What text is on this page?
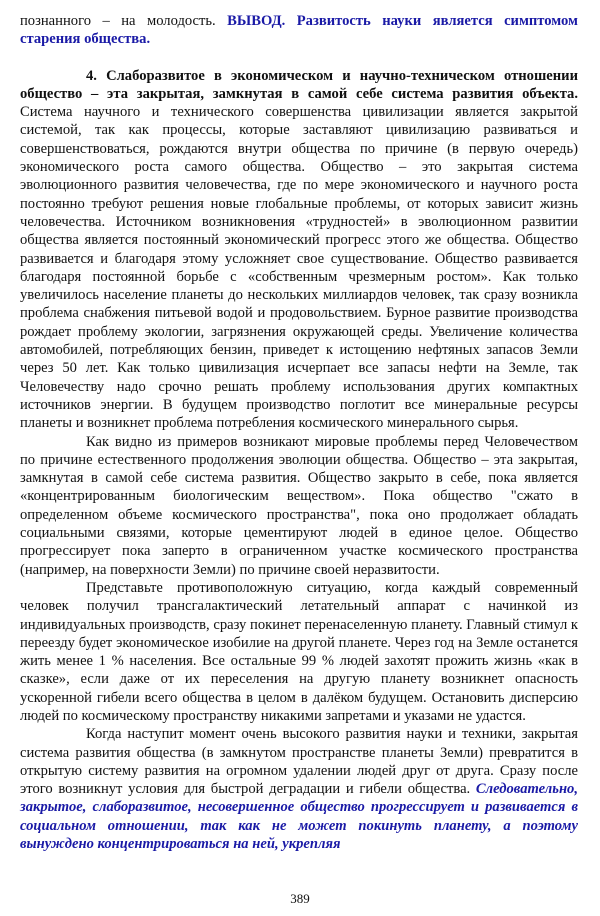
познанного – на молодость. ВЫВОД. Развитость науки является симптомом старения общества.

4. Слаборазвитое в экономическом и научно-техническом отношении общество – эта закрытая, замкнутая в самой себе система развития объекта. Система научного и технического совершенства цивилизации является закрытой системой, так как процессы, которые заставляют цивилизацию развиваться и совершенствоваться, рождаются внутри общества по причине (в первую очередь) экономического роста самого общества. Общество – это закрытая система эволюционного развития человечества, где по мере экономического и научного роста постоянно требуют решения новые глобальные проблемы, от которых зависит жизнь человечества. Источником возникновения «трудностей» в эволюционном развитии общества является постоянный экономический прогресс этого же общества. Общество развивается и благодаря этому усложняет свое существование. Общество развивается благодаря постоянной борьбе с «собственным чрезмерным ростом». Как только увеличилось население планеты до нескольких миллиардов человек, так сразу возникла проблема снабжения питьевой водой и продовольствием. Бурное развитие производства рождает проблему экологии, загрязнения окружающей среды. Увеличение количества автомобилей, потребляющих бензин, приведет к истощению нефтяных запасов Земли через 50 лет. Как только цивилизация исчерпает все запасы нефти на Земле, так Человечеству надо срочно решать проблему использования других компактных источников энергии. В будущем производство поглотит все минеральные ресурсы планеты и возникнет проблема потребления космического минерального сырья.

Как видно из примеров возникают мировые проблемы перед Человечеством по причине естественного продолжения эволюции общества. Общество – эта закрытая, замкнутая в самой себе система развития. Общество закрыто в себе, пока является «концентрированным биологическим веществом». Пока общество "сжато в определенном объеме космического пространства", пока оно продолжает обладать социальными связями, которые цементируют людей в единое целое. Общество прогрессирует пока заперто в ограниченном участке космического пространства (например, на поверхности Земли) по причине своей неразвитости.

Представьте противоположную ситуацию, когда каждый современный человек получил трансгалактический летательный аппарат с начинкой из индивидуальных производств, сразу покинет перенаселенную планету. Главный стимул к переезду будет экономическое изобилие на другой планете. Через год на Земле останется жить менее 1 % населения. Все остальные 99 % людей захотят прожить жизнь «как в сказке», если даже от их переселения на другую планету возникнет опасность ускоренной гибели всего общества в целом в далёком будущем. Остановить дисперсию людей по космическому пространству никакими запретами и указами не удастся.

Когда наступит момент очень высокого развития науки и техники, закрытая система развития общества (в замкнутом пространстве планеты Земли) превратится в открытую систему развития на огромном удалении людей друг от друга. Сразу после этого возникнут условия для быстрой деградации и гибели общества. Следовательно, закрытое, слаборазвитое, несовершенное общество прогрессирует и развивается в социальном отношении, так как не может покинуть планету, а поэтому вынуждено концентрироваться на ней, укрепляя

389
